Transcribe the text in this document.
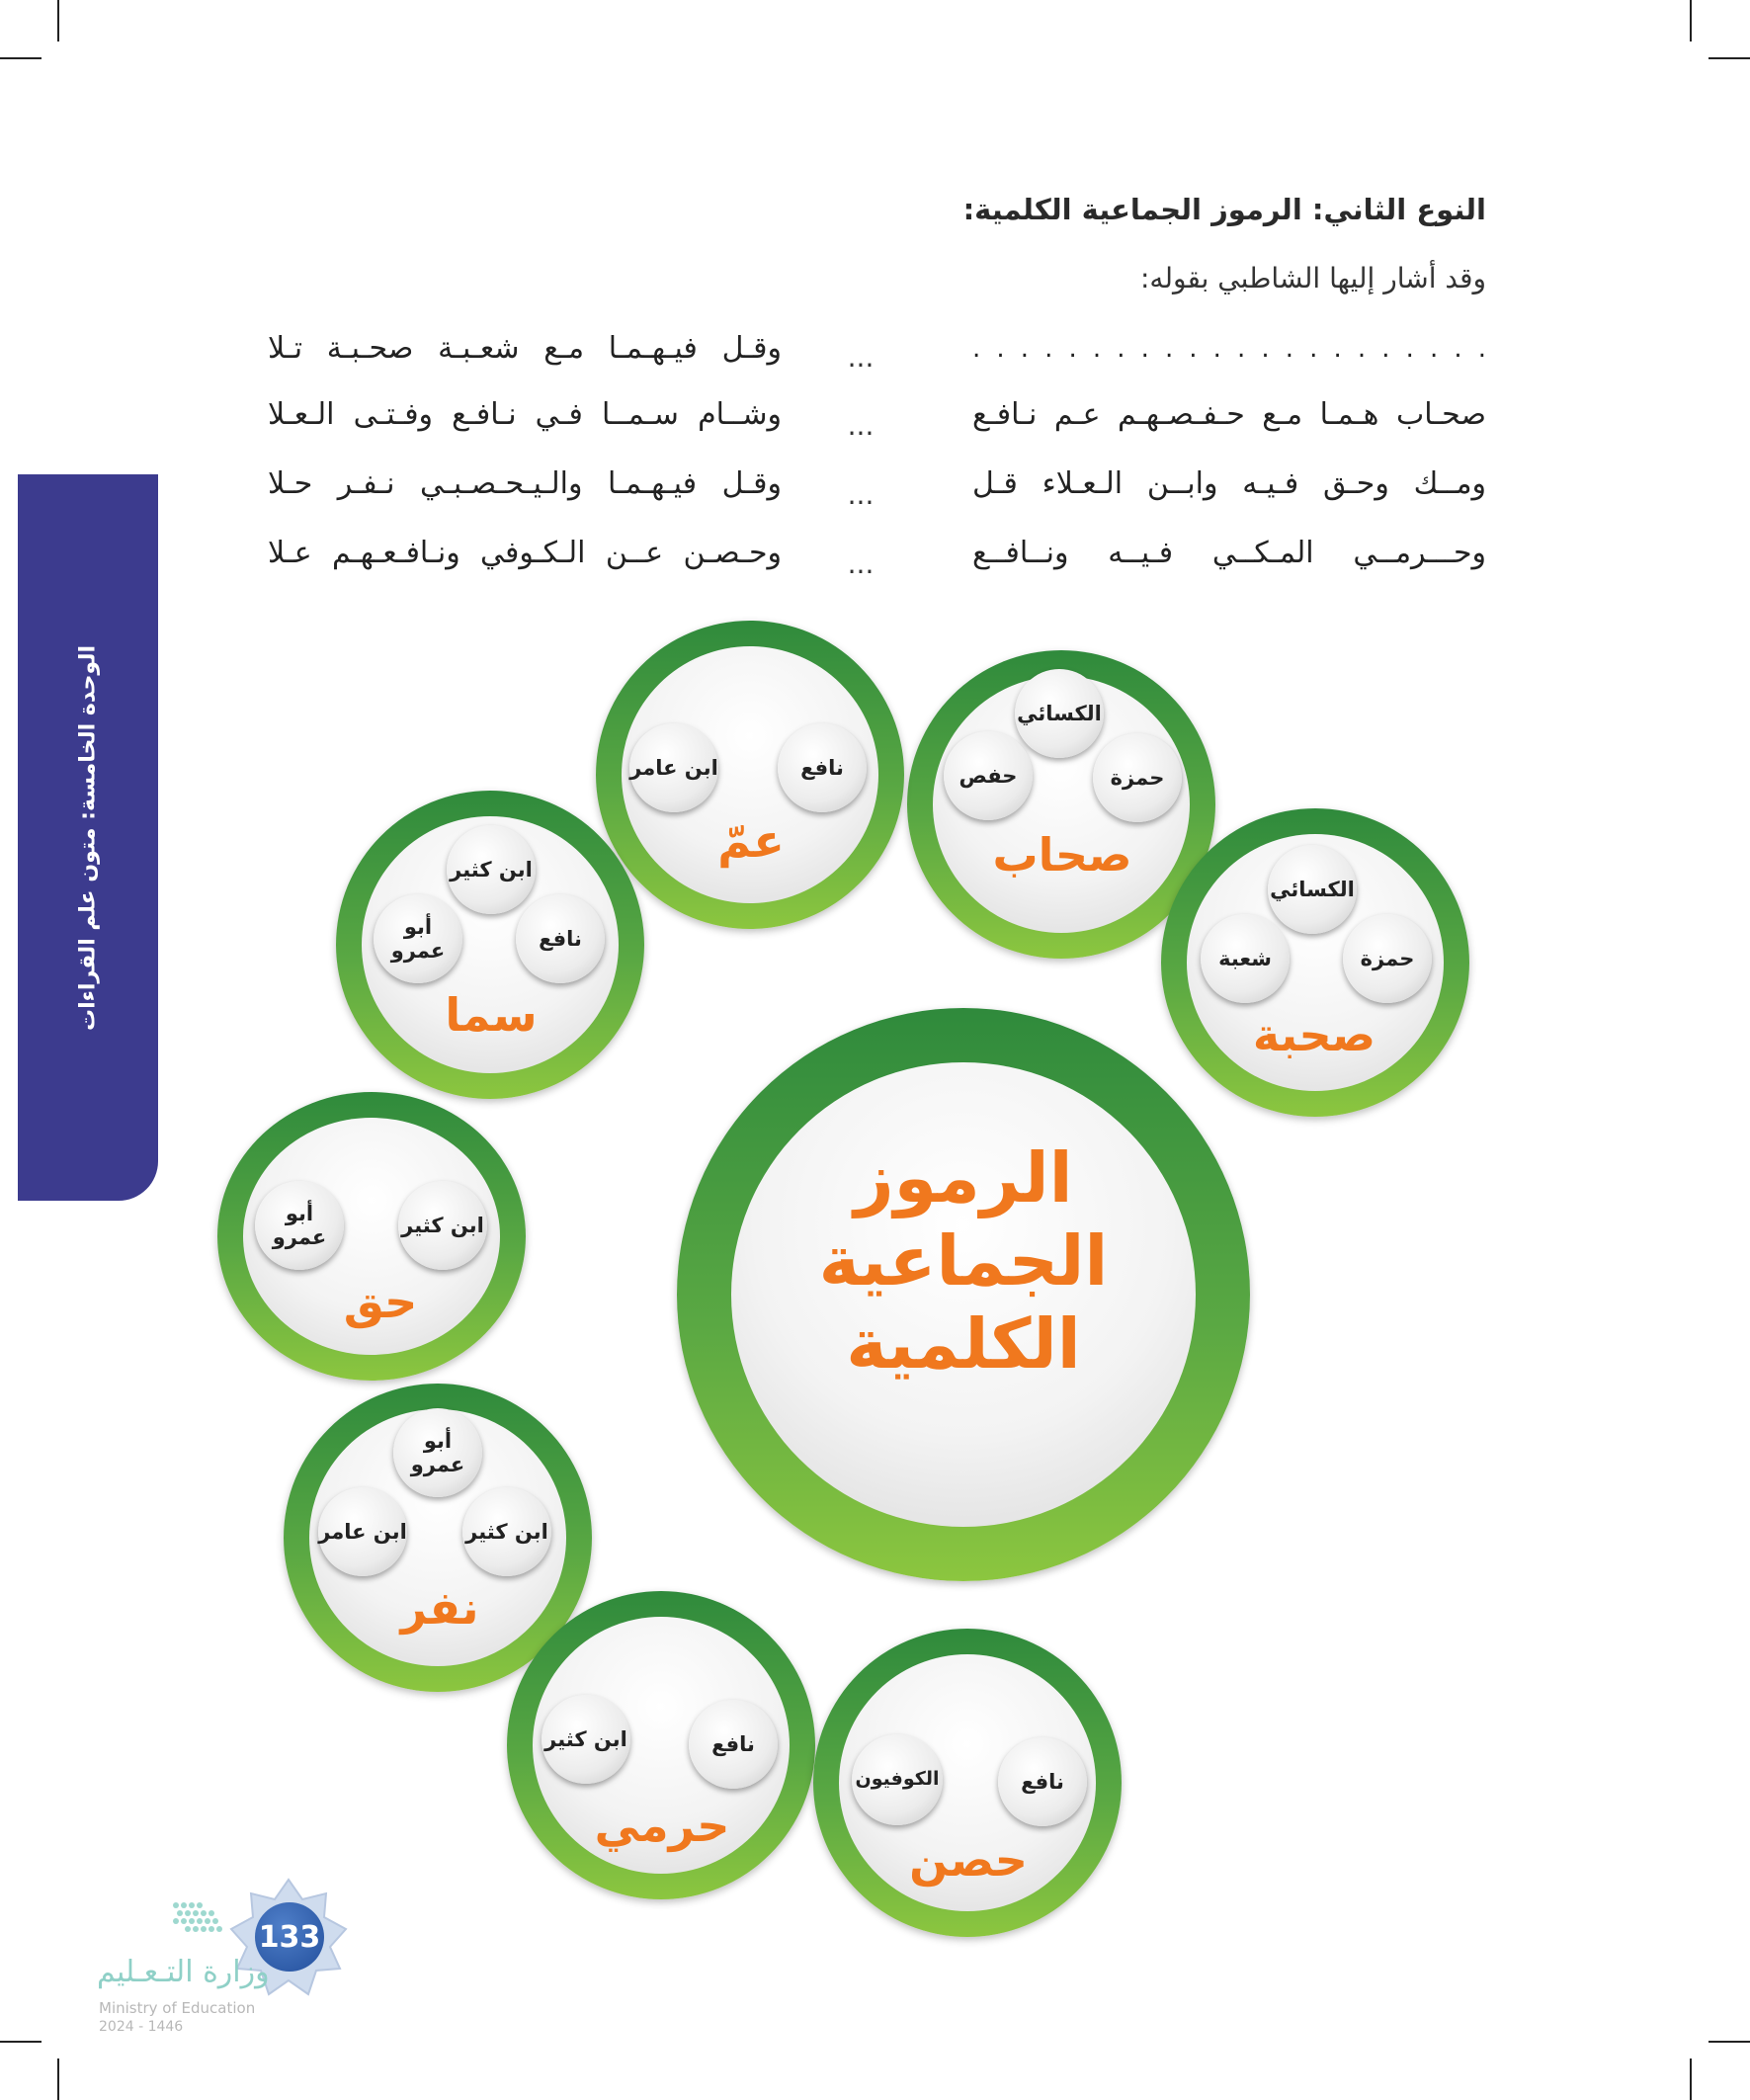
الوحدة الخامسة: متون علم القراءات
النوع الثاني: الرموز الجماعية الكلمية:
وقد أشار إليها الشاطبي بقوله:
. . . . . . . . . . . . . . . . . . . . . .
...
وقـل فيـهـمـا مـع شعـبـة صحـبـة تـلا
صحـاب هـمـا مـع حـفـصـهـم عـم نـافـع
...
وشــام سـمــا فـي نـافـع وفـتـى الـعـلا
ومــك وحـق فـيـه وابــن الـعـلاء قـل
...
وقـل فيـهـمـا والـيـحـصـبـي نـفـر حـلا
وحـــرمــي المـكــي فـيــه ونــافــع
...
وحـصـن عــن الـكـوفي ونـافـعـهـم عـلا
الرموز
الجماعية
الكلمية
الكسائي
حمزة
حفص
صحاب
الكسائي
حمزة
شعبة
صحبة
نافع
ابن عامر
عمّ
ابن كثير
نافع
أبو عمرو
سما
ابن كثير
أبو عمرو
حق
أبو عمرو
ابن كثير
ابن عامر
نفر
نافع
ابن كثير
حرمي
نافع
الكوفيون
حصن
133
وزارة التـعـليم
Ministry of Education
2024 - 1446
